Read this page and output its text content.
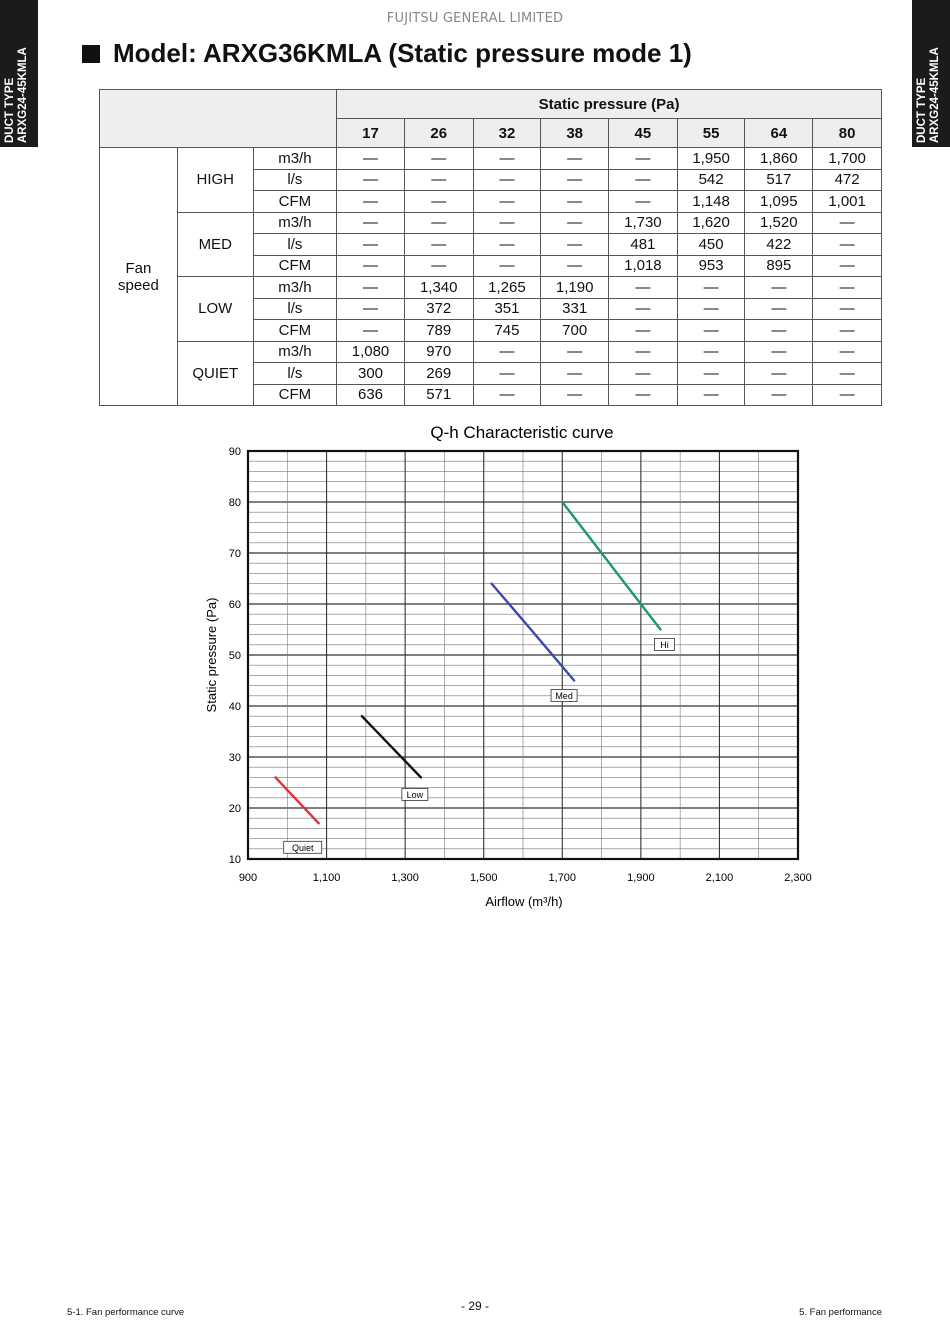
DUCT TYPE ARXG24-45KMLA	DUCT TYPE ARXG24-45KMLA
FUJITSU GENERAL LIMITED
Model: ARXG36KMLA (Static pressure mode 1)
			Static pressure (Pa)							
			17	26	32	38	45	55	64	80
Fan speed	HIGH	m3/h	—	—	—	—	—	1,950	1,860	1,700
		l/s	—	—	—	—	—	542	517	472
		CFM	—	—	—	—	—	1,148	1,095	1,001
	MED	m3/h	—	—	—	—	1,730	1,620	1,520	—
		l/s	—	—	—	—	481	450	422	—
		CFM	—	—	—	—	1,018	953	895	—
	LOW	m3/h	—	1,340	1,265	1,190	—	—	—	—
		l/s	—	372	351	331	—	—	—	—
		CFM	—	789	745	700	—	—	—	—
	QUIET	m3/h	1,080	970	—	—	—	—	—	—
		l/s	300	269	—	—	—	—	—	—
		CFM	636	571	—	—	—	—	—	—
Q-h Characteristic curve
Hi
Med
Low
Quiet
10
20
30
40
50
60
70
80
90
900	1,100	1,300	1,500	1,700	1,900	2,100	2,300
Static pressure (Pa)
Airflow (m³/h)
5-1. Fan performance curve	- 29 -	5. Fan performance
